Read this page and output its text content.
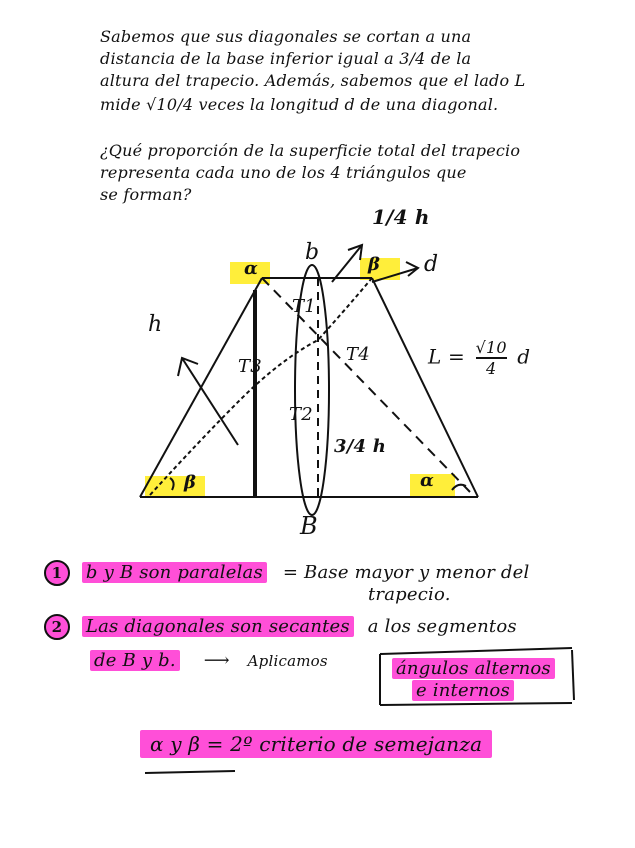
Sabemos que sus diagonales se cortan a una
distancia de la base inferior igual a 3/4 de la
altura del trapecio. Además, sabemos que el lado L
mide √10/4 veces la longitud d de una diagonal.
¿Qué proporción de la superficie total del trapecio
representa cada uno de los 4 triángulos que
se forman?
b
B
1/4 h
d
h
3/4 h
$L = \frac{√10}{4}$ d
T1
T2
T3
T4
α	β
β	α
1 b y B son paralelas = Base mayor y menor del
trapecio.
2 Las diagonales son secantes a los segmentos
de B y b. ⟶ Aplicamos	ángulos alternos
e internos
α y β = 2º criterio de semejanza
